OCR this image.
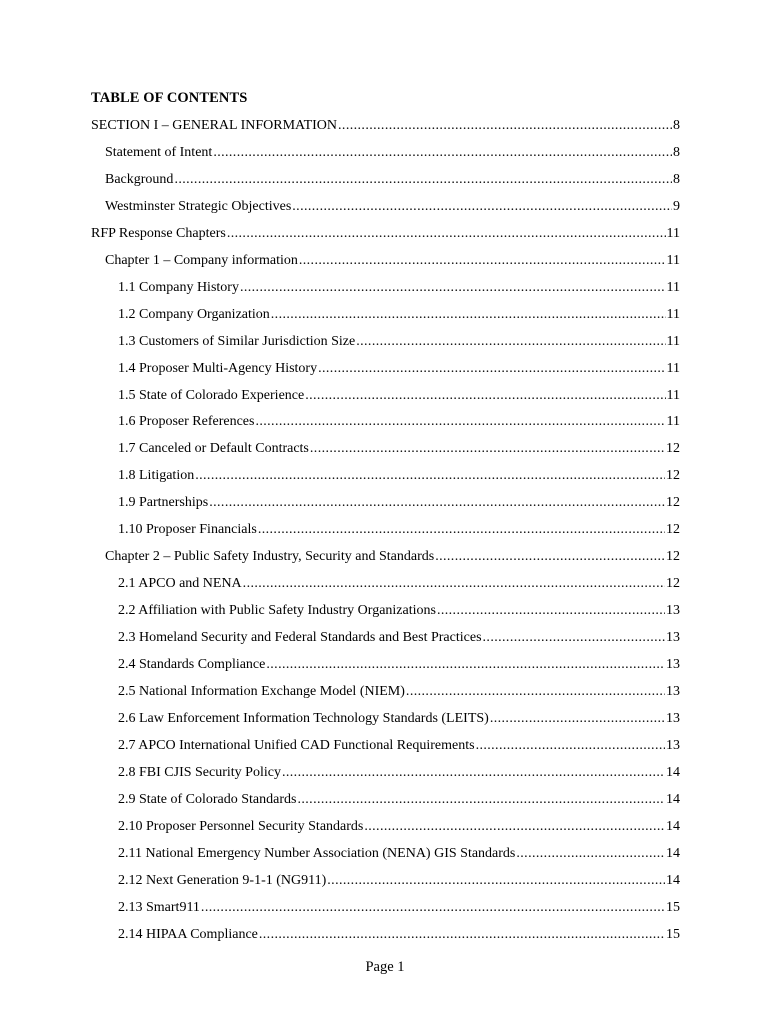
TABLE OF CONTENTS
SECTION I – GENERAL INFORMATION .....	8
Statement of Intent .....	8
Background .....	8
Westminster Strategic Objectives .....	9
RFP Response Chapters .....	11
Chapter 1 – Company information .....	11
1.1 Company History .....	11
1.2 Company Organization .....	11
1.3 Customers of Similar Jurisdiction Size .....	11
1.4 Proposer Multi-Agency History .....	11
1.5 State of Colorado Experience .....	11
1.6 Proposer References .....	11
1.7 Canceled or Default Contracts .....	12
1.8 Litigation .....	12
1.9 Partnerships .....	12
1.10 Proposer Financials .....	12
Chapter 2 – Public Safety Industry, Security and Standards .....	12
2.1 APCO and NENA .....	12
2.2 Affiliation with Public Safety Industry Organizations .....	13
2.3 Homeland Security and Federal Standards and Best Practices .....	13
2.4 Standards Compliance .....	13
2.5 National Information Exchange Model (NIEM) .....	13
2.6 Law Enforcement Information Technology Standards (LEITS) .....	13
2.7 APCO International Unified CAD Functional Requirements .....	13
2.8 FBI CJIS Security Policy .....	14
2.9 State of Colorado Standards .....	14
2.10 Proposer Personnel Security Standards .....	14
2.11 National Emergency Number Association (NENA) GIS Standards .....	14
2.12 Next Generation 9-1-1 (NG911) .....	14
2.13 Smart911 .....	15
2.14 HIPAA Compliance .....	15
Page 1
